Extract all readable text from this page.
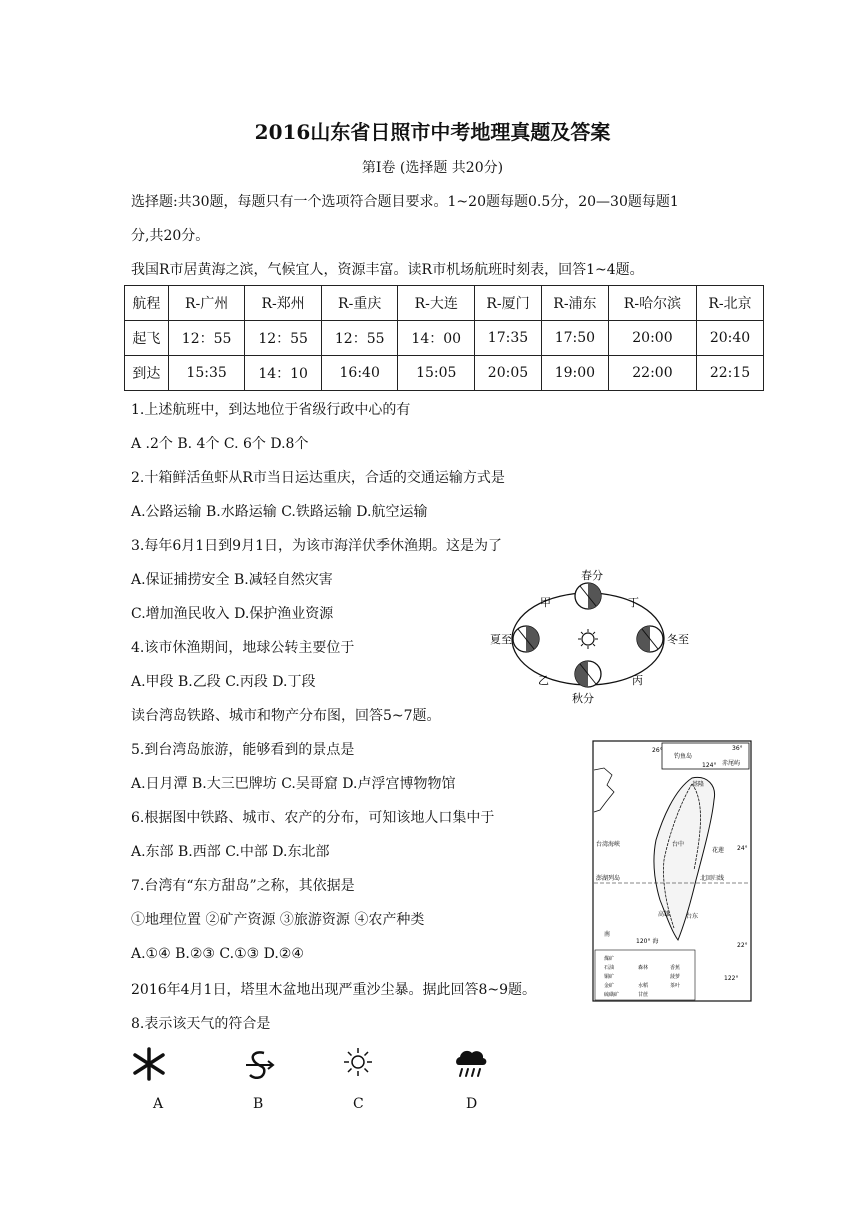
2016山东省日照市中考地理真题及答案
第Ⅰ卷 (选择题 共20分)
选择题:共30题，每题只有一个选项符合题目要求。1~20题每题0.5分，20—30题每题1
分,共20分。
我国R市居黄海之滨，气候宜人，资源丰富。读R市机场航班时刻表，回答1~4题。
航程	R-广州	R-郑州	R-重庆	R-大连	R-厦门	R-浦东	R-哈尔滨	R-北京
起飞	12：55	12：55	12：55	14：00	17:35	17:50	20:00	20:40
到达	15:35	14：10	16:40	15:05	20:05	19:00	22:00	22:15
1.上述航班中，到达地位于省级行政中心的有
A .2个 B. 4个 C. 6个 D.8个
2.十箱鲜活鱼虾从R市当日运达重庆，合适的交通运输方式是
A.公路运输 B.水路运输 C.铁路运输 D.航空运输
3.每年6月1日到9月1日，为该市海洋伏季休渔期。这是为了
A.保证捕捞安全 B.减轻自然灾害
C.增加渔民收入 D.保护渔业资源
4.该市休渔期间，地球公转主要位于
A.甲段 B.乙段 C.丙段 D.丁段
读台湾岛铁路、城市和物产分布图，回答5~7题。
5.到台湾岛旅游，能够看到的景点是
A.日月潭 B.大三巴牌坊 C.吴哥窟 D.卢浮宫博物物馆
6.根据图中铁路、城市、农产的分布，可知该地人口集中于
A.东部 B.西部 C.中部 D.东北部
7.台湾有“东方甜岛”之称，其依据是
①地理位置 ②矿产资源 ③旅游资源 ④农产种类
A.①④ B.②③ C.①③ D.②④
2016年4月1日，塔里木盆地出现严重沙尘暴。据此回答8~9题。
8.表示该天气的符合是
春分
夏至
秋分
冬至
甲
乙	丙
丁
26°	36°
钓鱼岛
赤尾屿
124°
24°
22°
122°
120° 海
台湾海峡
澎湖列岛	北回归线
基隆
花莲
台中
高雄	台东
南
煤矿
石油
铜矿
金矿
硫磺矿
森林
水稻
甘蔗
香蕉
菠萝
茶叶
A	B	C	D
